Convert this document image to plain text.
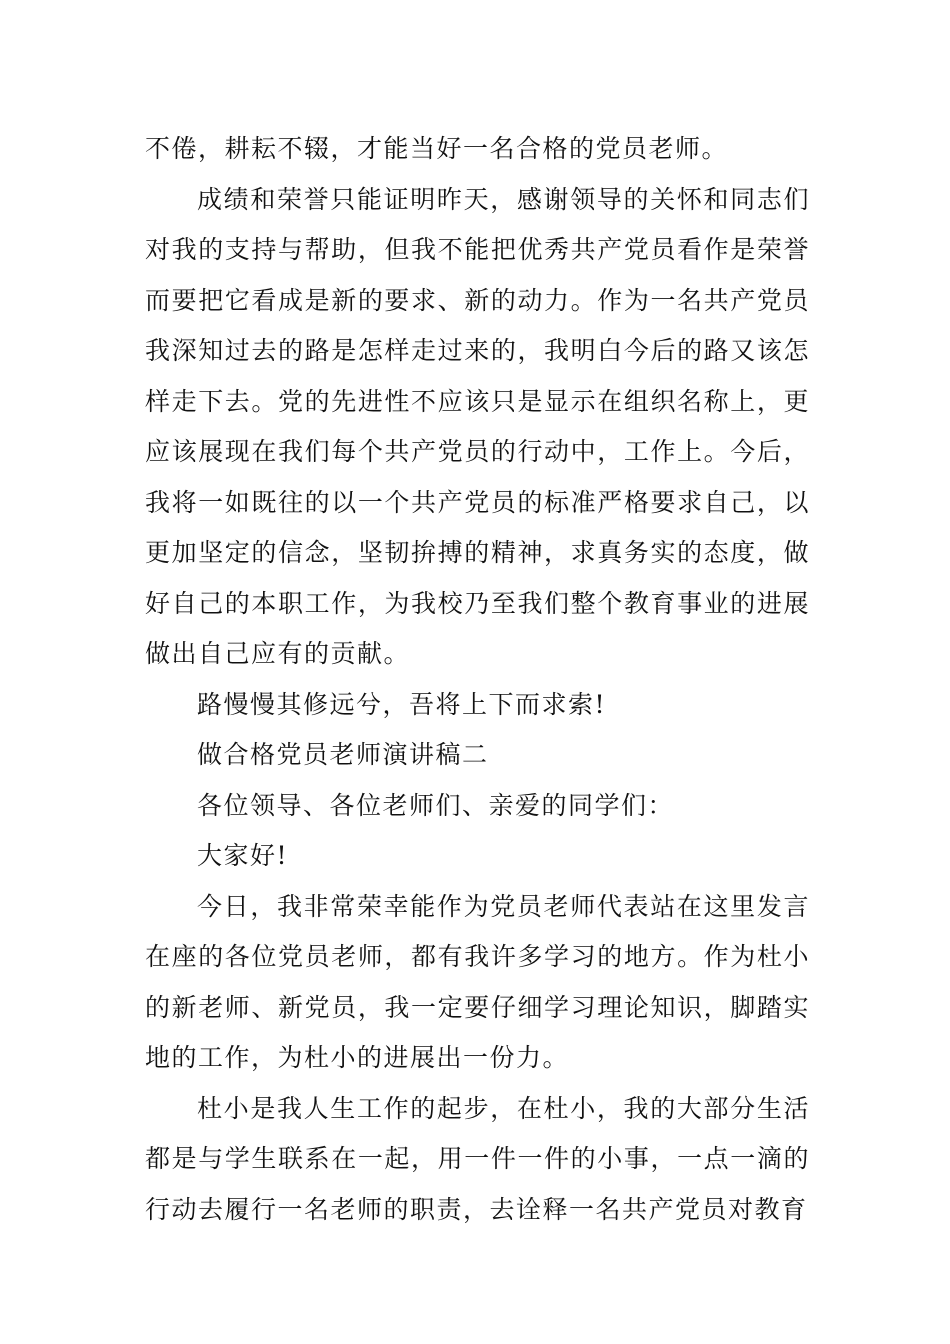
不倦，耕耘不辍，才能当好一名合格的党员老师。

成绩和荣誉只能证明昨天，感谢领导的关怀和同志们对我的支持与帮助，但我不能把优秀共产党员看作是荣誉而要把它看成是新的要求、新的动力。作为一名共产党员我深知过去的路是怎样走过来的，我明白今后的路又该怎样走下去。党的先进性不应该只是显示在组织名称上，更应该展现在我们每个共产党员的行动中，工作上。今后，我将一如既往的以一个共产党员的标准严格要求自己，以更加坚定的信念，坚韧拚搏的精神，求真务实的态度，做好自己的本职工作，为我校乃至我们整个教育事业的进展做出自己应有的贡献。

路慢慢其修远兮，吾将上下而求索!

做合格党员老师演讲稿二

各位领导、各位老师们、亲爱的同学们：

大家好!

今日，我非常荣幸能作为党员老师代表站在这里发言在座的各位党员老师，都有我许多学习的地方。作为杜小的新老师、新党员，我一定要仔细学习理论知识，脚踏实地的工作，为杜小的进展出一份力。

杜小是我人生工作的起步，在杜小，我的大部分生活都是与学生联系在一起，用一件一件的小事，一点一滴的行动去履行一名老师的职责，去诠释一名共产党员对教育
